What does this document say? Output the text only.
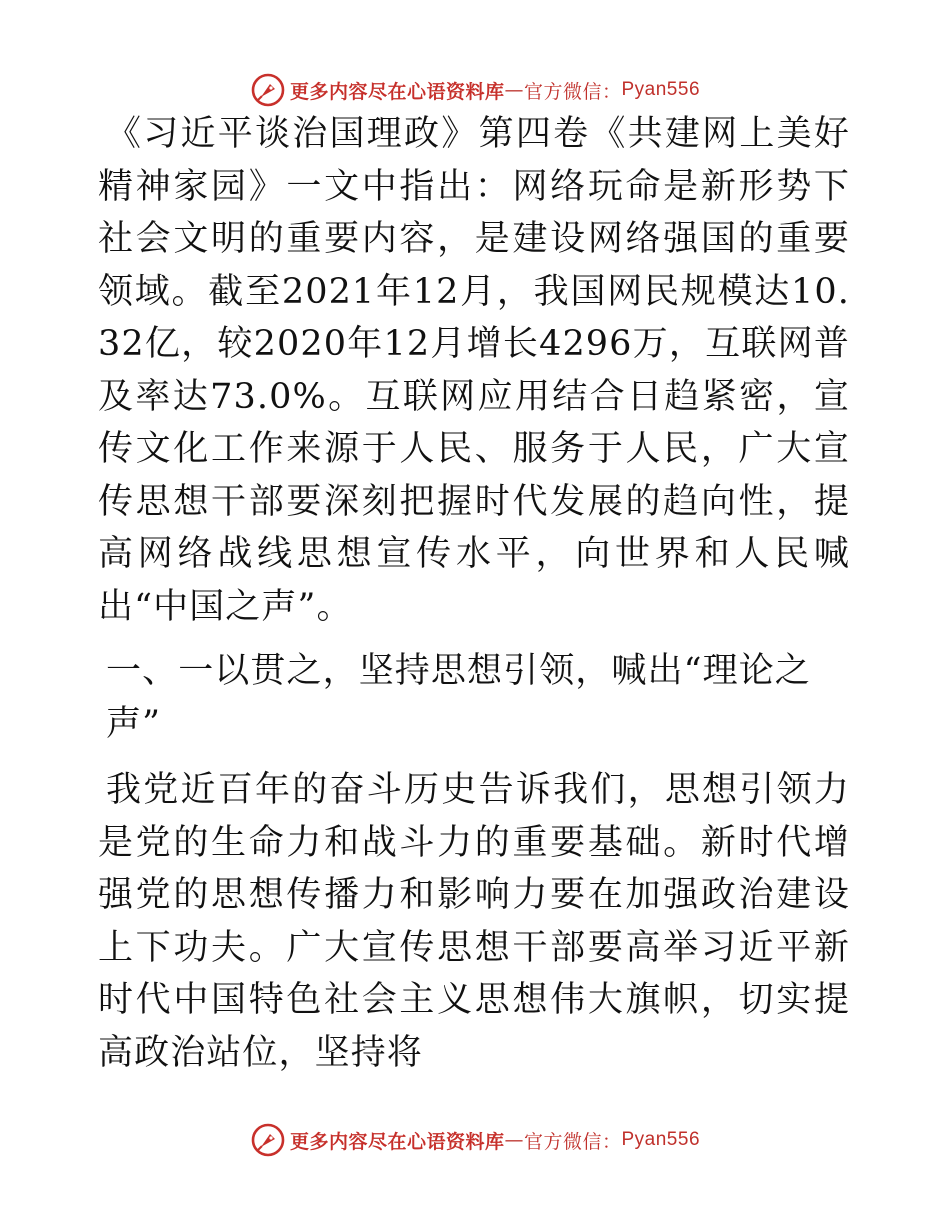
更多内容尽在心语资料库 — 官方微信： Pyan556

《习近平谈治国理政》第四卷《共建网上美好精神家园》一文中指出：网络玩命是新形势下社会文明的重要内容，是建设网络强国的重要领域。截至2021年12月，我国网民规模达10.32亿，较2020年12月增长4296万，互联网普及率达73.0%。互联网应用结合日趋紧密，宣传文化工作来源于人民、服务于人民，广大宣传思想干部要深刻把握时代发展的趋向性，提高网络战线思想宣传水平，向世界和人民喊出“中国之声”。

一、一以贯之，坚持思想引领，喊出“理论之声”

我党近百年的奋斗历史告诉我们，思想引领力是党的生命力和战斗力的重要基础。新时代增强党的思想传播力和影响力要在加强政治建设上下功夫。广大宣传思想干部要高举习近平新时代中国特色社会主义思想伟大旗帜，切实提高政治站位，坚持将

更多内容尽在心语资料库 — 官方微信： Pyan556
